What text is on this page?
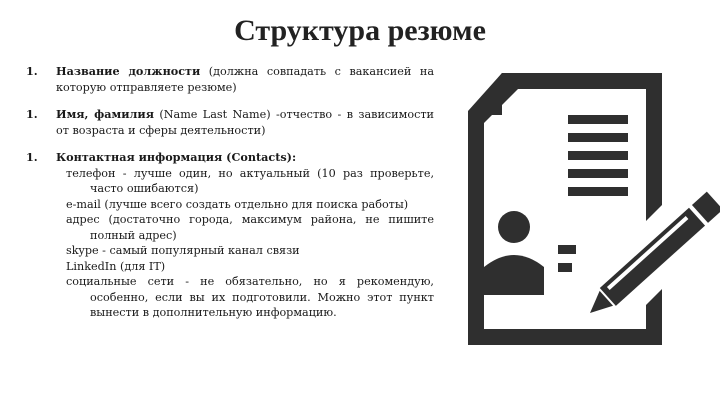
Структура резюме
1. Название должности (должна совпадать с вакансией на которую отправляете резюме)
1. Имя, фамилия (Name Last Name) -отчество - в зависимости от возраста и сферы деятельности)
1. Контактная информация (Contacts):

телефон - лучше один, но актуальный (10 раз проверьте, часто ошибаются)

e-mail (лучше всего создать отдельно для поиска работы)

адрес (достаточно города, максимум района, не пишите полный адрес)

skype - самый популярный канал связи

LinkedIn (для IT)

социальные сети - не обязательно, но я рекомендую, особенно, если вы их подготовили. Можно этот пункт вынести в дополнительную информацию.
